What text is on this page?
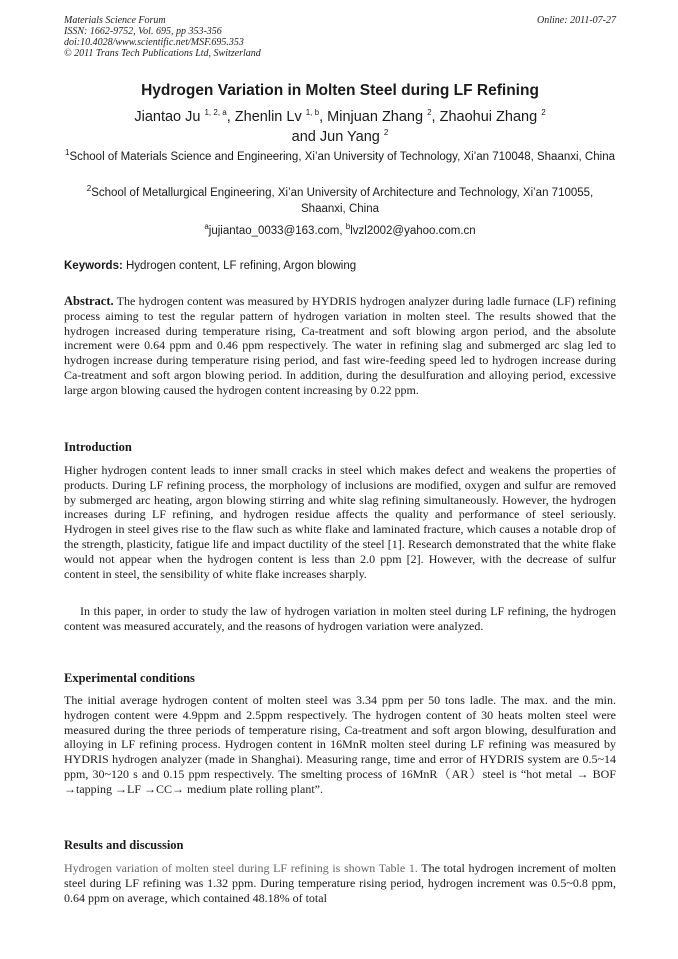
Materials Science Forum
ISSN: 1662-9752, Vol. 695, pp 353-356
doi:10.4028/www.scientific.net/MSF.695.353
© 2011 Trans Tech Publications Ltd, Switzerland
Online: 2011-07-27
Hydrogen Variation in Molten Steel during LF Refining
Jiantao Ju $^{1, 2, a}$, Zhenlin Lv $^{1, b}$, Minjuan Zhang $^2$, Zhaohui Zhang $^2$
and Jun Yang $^2$
$^1$School of Materials Science and Engineering, Xi’an University of Technology, Xi’an 710048, Shaanxi, China
$^2$School of Metallurgical Engineering, Xi’an University of Architecture and Technology, Xi’an 710055, Shaanxi, China
$^a$jujiantao_0033@163.com, $^b$lvzl2002@yahoo.com.cn
Keywords: Hydrogen content, LF refining, Argon blowing
Abstract. The hydrogen content was measured by HYDRIS hydrogen analyzer during ladle furnace (LF) refining process aiming to test the regular pattern of hydrogen variation in molten steel. The results showed that the hydrogen increased during temperature rising, Ca-treatment and soft blowing argon period, and the absolute increment were 0.64 ppm and 0.46 ppm respectively. The water in refining slag and submerged arc slag led to hydrogen increase during temperature rising period, and fast wire-feeding speed led to hydrogen increase during Ca-treatment and soft argon blowing period. In addition, during the desulfuration and alloying period, excessive large argon blowing caused the hydrogen content increasing by 0.22 ppm.
Introduction
Higher hydrogen content leads to inner small cracks in steel which makes defect and weakens the properties of products. During LF refining process, the morphology of inclusions are modified, oxygen and sulfur are removed by submerged arc heating, argon blowing stirring and white slag refining simultaneously. However, the hydrogen increases during LF refining, and hydrogen residue affects the quality and performance of steel seriously. Hydrogen in steel gives rise to the flaw such as white flake and laminated fracture, which causes a notable drop of the strength, plasticity, fatigue life and impact ductility of the steel [1]. Research demonstrated that the white flake would not appear when the hydrogen content is less than 2.0 ppm [2]. However, with the decrease of sulfur content in steel, the sensibility of white flake increases sharply.
In this paper, in order to study the law of hydrogen variation in molten steel during LF refining, the hydrogen content was measured accurately, and the reasons of hydrogen variation were analyzed.
Experimental conditions
The initial average hydrogen content of molten steel was 3.34 ppm per 50 tons ladle. The max. and the min. hydrogen content were 4.9ppm and 2.5ppm respectively. The hydrogen content of 30 heats molten steel were measured during the three periods of temperature rising, Ca-treatment and soft argon blowing, desulfuration and alloying in LF refining process. Hydrogen content in 16MnR molten steel during LF refining was measured by HYDRIS hydrogen analyzer (made in Shanghai). Measuring range, time and error of HYDRIS system are 0.5~14 ppm, 30~120 s and 0.15 ppm respectively. The smelting process of 16MnR（AR）steel is “hot metal → BOF →tapping →LF →CC→ medium plate rolling plant”.
Results and discussion
Hydrogen variation of molten steel during LF refining is shown Table 1. The total hydrogen increment of molten steel during LF refining was 1.32 ppm. During temperature rising period, hydrogen increment was 0.5~0.8 ppm, 0.64 ppm on average, which contained 48.18% of total
